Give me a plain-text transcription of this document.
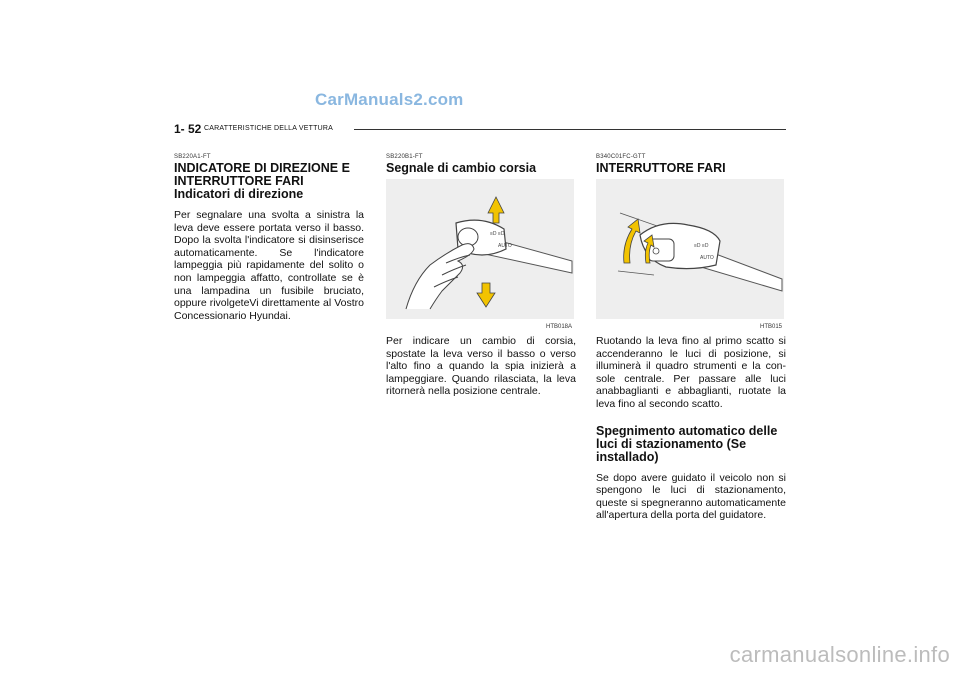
CarManuals2.com
1- 52 CARATTERISTICHE DELLA VETTURA
SB220A1-FT
INDICATORE DI DIREZIONE E INTERRUTTORE FARI
Indicatori di direzione
Per segnalare una svolta a sinistra la leva deve essere portata verso il basso. Dopo la svolta l'indicatore si disinserisce automaticamente. Se l'indicatore lampeggia più rapidamente del solito o non lampeggia affatto, controllate se è una lampadina un fusibile bruciato, oppure rivolgeteVi direttamente al Vostro Concessionario Hyundai.
SB220B1-FT
Segnale di cambio corsia
≡D ≡D
AUTO
HTB018A
Per indicare un cambio di corsia, spostate la leva verso il basso o verso l'alto fino a quando la spia inizierà a lampeggiare. Quando rilasciata, la leva ritornerà nella posizione centrale.
B340C01FC-GTT
INTERRUTTORE FARI
≡D ≡D
AUTO
HTB015
Ruotando la leva fino al primo scatto si accenderanno le luci di posizione, si illuminerà il quadro strumenti e la con- sole centrale. Per passare alle luci anabbaglianti e abbaglianti, ruotate la leva fino al secondo scatto.
Spegnimento automatico delle luci di stazionamento (Se installado)
Se dopo avere guidato il veicolo non si spengono le luci di stazionamento, queste si spegneranno automaticamente all'apertura della porta del guidatore.
carmanualsonline.info
